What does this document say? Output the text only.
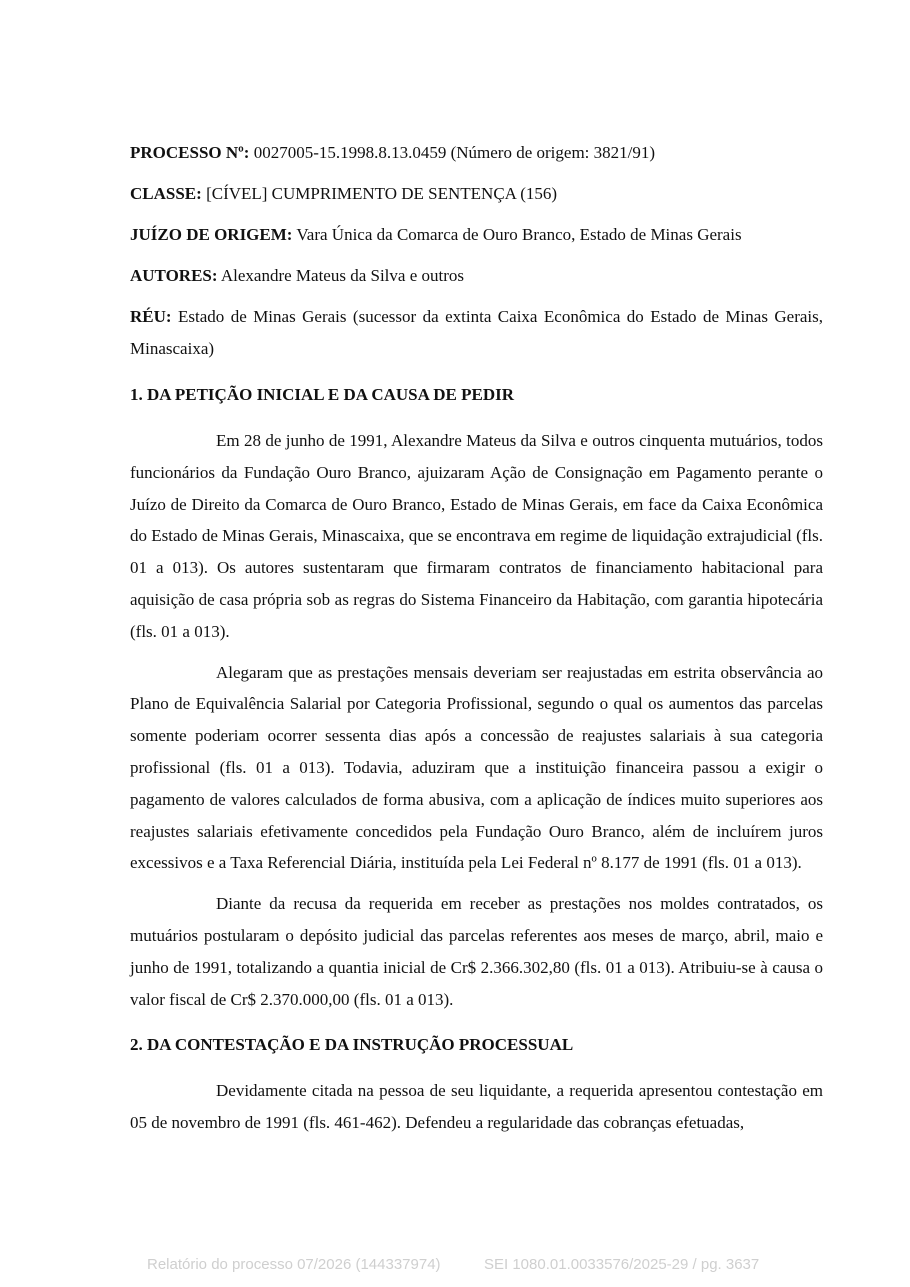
PROCESSO Nº: 0027005-15.1998.8.13.0459 (Número de origem: 3821/91)

CLASSE: [CÍVEL] CUMPRIMENTO DE SENTENÇA (156)

JUÍZO DE ORIGEM: Vara Única da Comarca de Ouro Branco, Estado de Minas Gerais

AUTORES: Alexandre Mateus da Silva e outros

RÉU: Estado de Minas Gerais (sucessor da extinta Caixa Econômica do Estado de Minas Gerais, Minascaixa)

1. DA PETIÇÃO INICIAL E DA CAUSA DE PEDIR

Em 28 de junho de 1991, Alexandre Mateus da Silva e outros cinquenta mutuários, todos funcionários da Fundação Ouro Branco, ajuizaram Ação de Consignação em Pagamento perante o Juízo de Direito da Comarca de Ouro Branco, Estado de Minas Gerais, em face da Caixa Econômica do Estado de Minas Gerais, Minascaixa, que se encontrava em regime de liquidação extrajudicial (fls. 01 a 013). Os autores sustentaram que firmaram contratos de financiamento habitacional para aquisição de casa própria sob as regras do Sistema Financeiro da Habitação, com garantia hipotecária (fls. 01 a 013).

Alegaram que as prestações mensais deveriam ser reajustadas em estrita observância ao Plano de Equivalência Salarial por Categoria Profissional, segundo o qual os aumentos das parcelas somente poderiam ocorrer sessenta dias após a concessão de reajustes salariais à sua categoria profissional (fls. 01 a 013). Todavia, aduziram que a instituição financeira passou a exigir o pagamento de valores calculados de forma abusiva, com a aplicação de índices muito superiores aos reajustes salariais efetivamente concedidos pela Fundação Ouro Branco, além de incluírem juros excessivos e a Taxa Referencial Diária, instituída pela Lei Federal nº 8.177 de 1991 (fls. 01 a 013).

Diante da recusa da requerida em receber as prestações nos moldes contratados, os mutuários postularam o depósito judicial das parcelas referentes aos meses de março, abril, maio e junho de 1991, totalizando a quantia inicial de Cr$ 2.366.302,80 (fls. 01 a 013). Atribuiu-se à causa o valor fiscal de Cr$ 2.370.000,00 (fls. 01 a 013).

2. DA CONTESTAÇÃO E DA INSTRUÇÃO PROCESSUAL

Devidamente citada na pessoa de seu liquidante, a requerida apresentou contestação em 05 de novembro de 1991 (fls. 461-462). Defendeu a regularidade das cobranças efetuadas,

Relatório do processo 07/2026 (144337974)	SEI 1080.01.0033576/2025-29 / pg. 3637
